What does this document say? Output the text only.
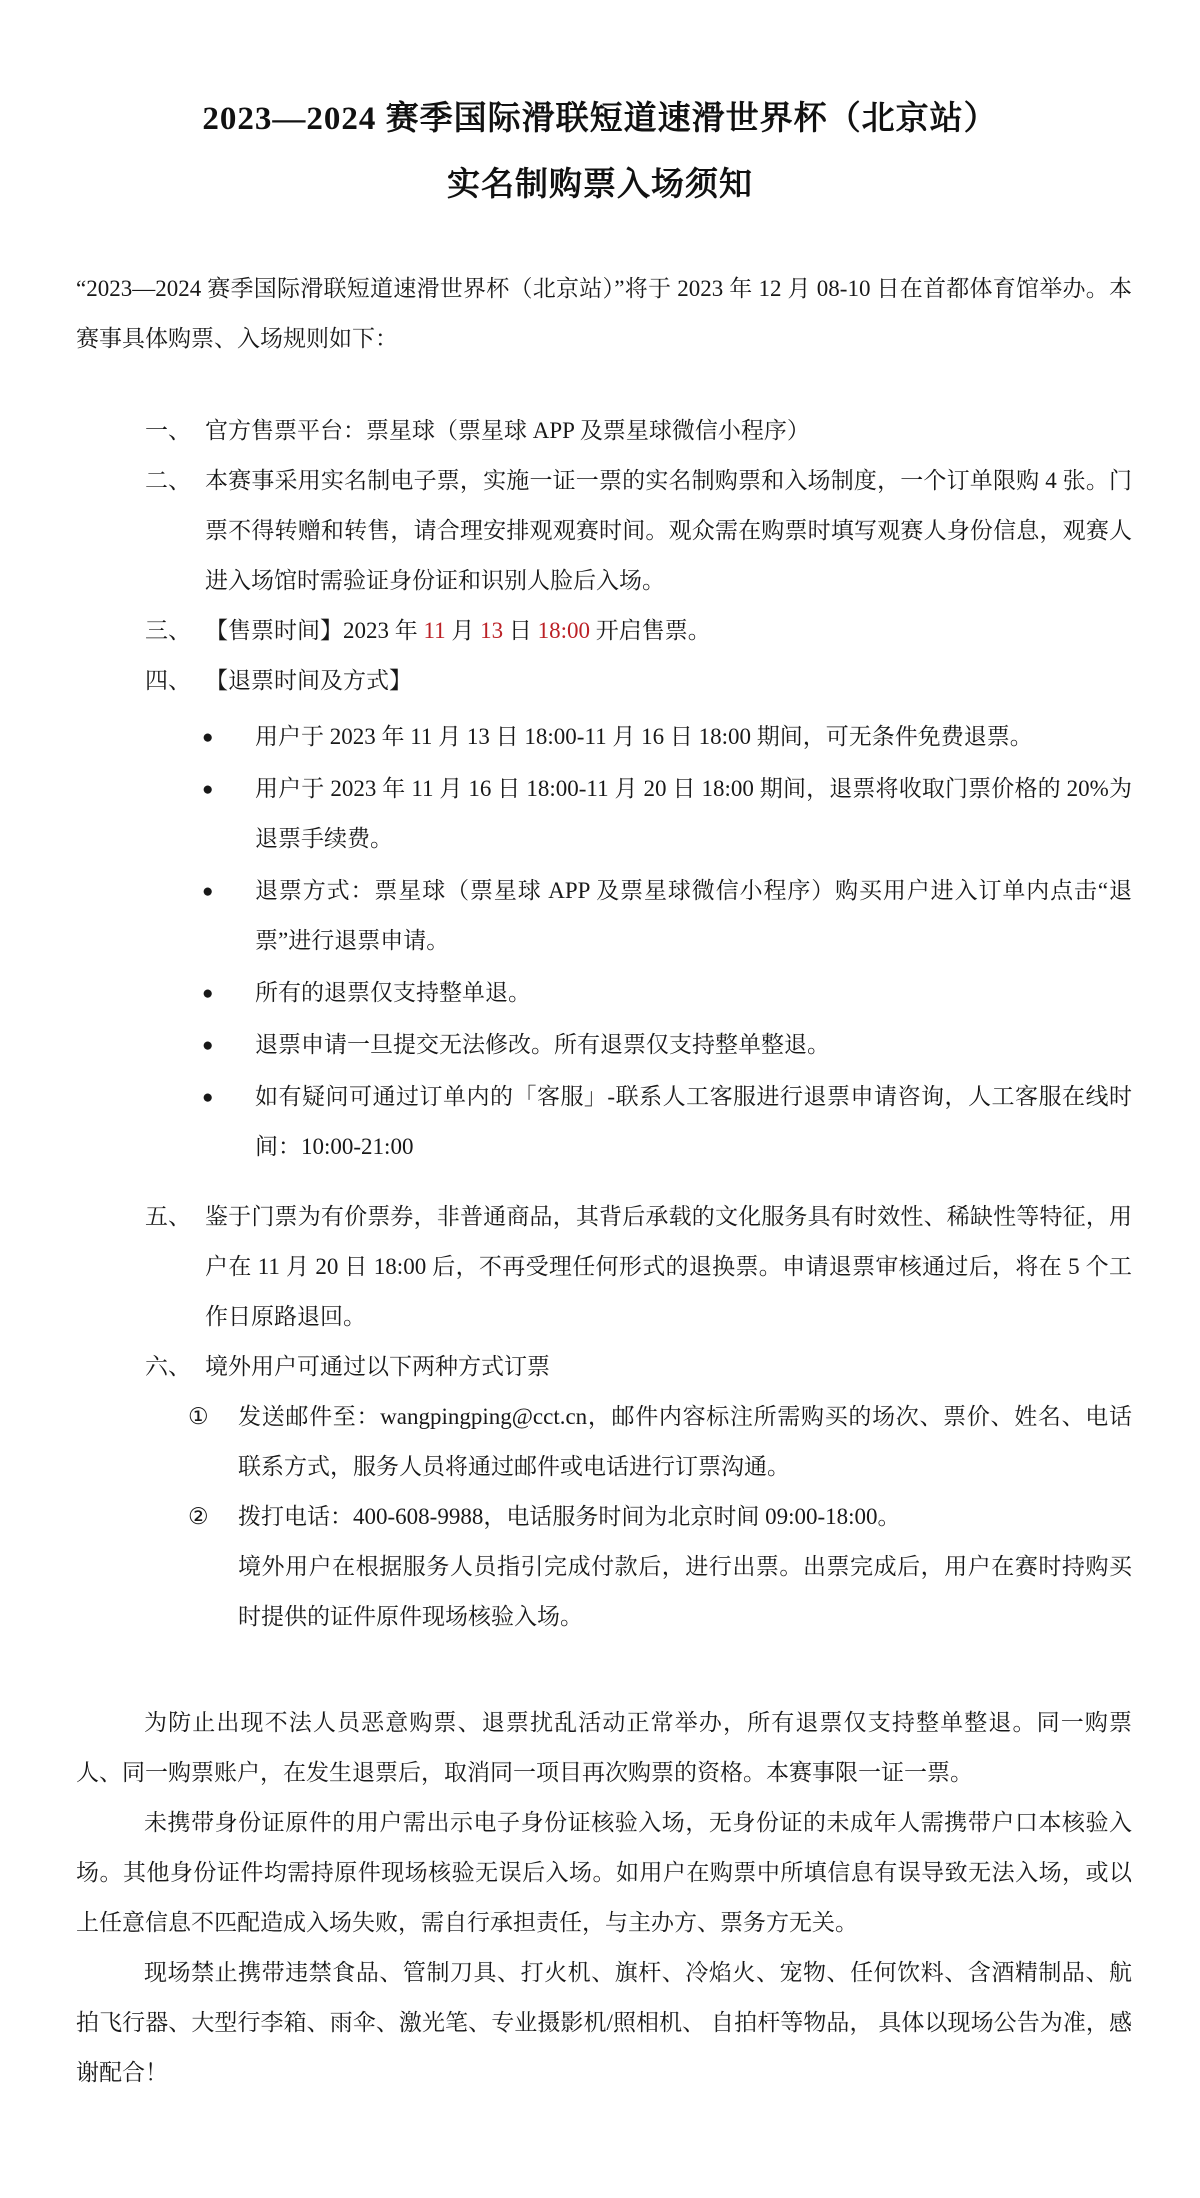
2023—2024 赛季国际滑联短道速滑世界杯（北京站）
实名制购票入场须知

“2023—2024 赛季国际滑联短道速滑世界杯（北京站）”将于 2023 年 12 月 08-10 日在首都体育馆举办。本赛事具体购票、入场规则如下：

一、 官方售票平台：票星球（票星球 APP 及票星球微信小程序）
二、 本赛事采用实名制电子票，实施一证一票的实名制购票和入场制度，一个订单限购 4 张。门票不得转赠和转售，请合理安排观观赛时间。观众需在购票时填写观赛人身份信息，观赛人进入场馆时需验证身份证和识别人脸后入场。
三、 【售票时间】2023 年 11 月 13 日 18:00 开启售票。
四、 【退票时间及方式】
● 用户于 2023 年 11 月 13 日 18:00-11 月 16 日 18:00 期间，可无条件免费退票。
● 用户于 2023 年 11 月 16 日 18:00-11 月 20 日 18:00 期间，退票将收取门票价格的 20%为退票手续费。
● 退票方式：票星球（票星球 APP 及票星球微信小程序）购买用户进入订单内点击“退票”进行退票申请。
● 所有的退票仅支持整单退。
● 退票申请一旦提交无法修改。所有退票仅支持整单整退。
● 如有疑问可通过订单内的「客服」-联系人工客服进行退票申请咨询，人工客服在线时间：10:00-21:00
五、 鉴于门票为有价票券，非普通商品，其背后承载的文化服务具有时效性、稀缺性等特征，用户在 11 月 20 日 18:00 后，不再受理任何形式的退换票。申请退票审核通过后，将在 5 个工作日原路退回。
六、 境外用户可通过以下两种方式订票
① 发送邮件至：wangpingping@cct.cn，邮件内容标注所需购买的场次、票价、姓名、电话联系方式，服务人员将通过邮件或电话进行订票沟通。
② 拨打电话：400-608-9988，电话服务时间为北京时间 09:00-18:00。
境外用户在根据服务人员指引完成付款后，进行出票。出票完成后，用户在赛时持购买时提供的证件原件现场核验入场。

为防止出现不法人员恶意购票、退票扰乱活动正常举办，所有退票仅支持整单整退。同一购票人、同一购票账户，在发生退票后，取消同一项目再次购票的资格。本赛事限一证一票。

未携带身份证原件的用户需出示电子身份证核验入场，无身份证的未成年人需携带户口本核验入场。其他身份证件均需持原件现场核验无误后入场。如用户在购票中所填信息有误导致无法入场，或以上任意信息不匹配造成入场失败，需自行承担责任，与主办方、票务方无关。

现场禁止携带违禁食品、管制刀具、打火机、旗杆、冷焰火、宠物、任何饮料、含酒精制品、航拍飞行器、大型行李箱、雨伞、激光笔、专业摄影机/照相机、 自拍杆等物品， 具体以现场公告为准，感谢配合！
